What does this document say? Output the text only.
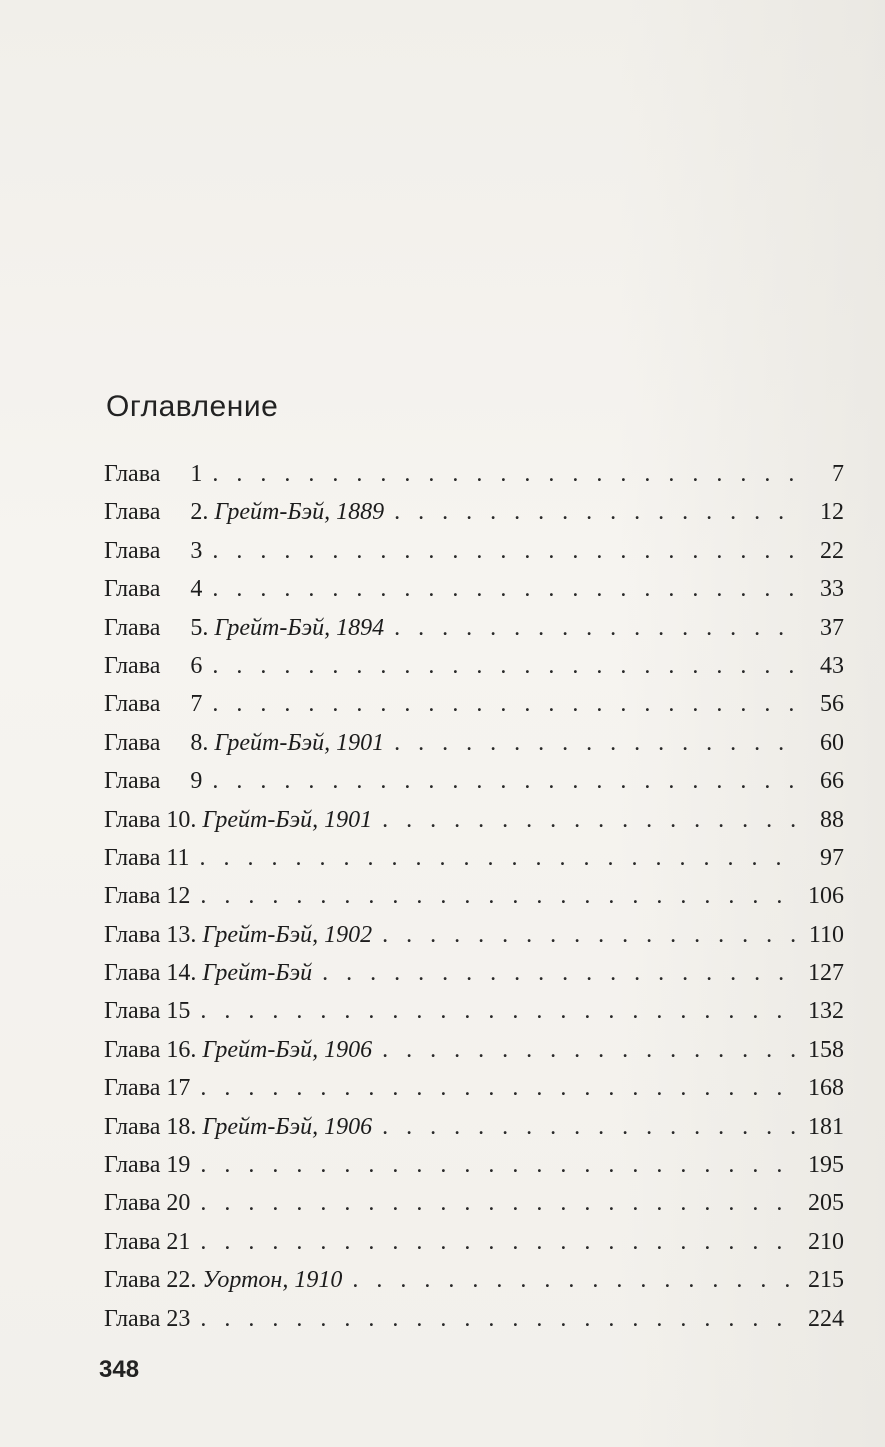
Оглавление
Глава 1 . . .	7
Глава 2. Грейт-Бэй, 1889 . . .	12
Глава 3 . . .	22
Глава 4 . . .	33
Глава 5. Грейт-Бэй, 1894 . . .	37
Глава 6 . . .	43
Глава 7 . . .	56
Глава 8. Грейт-Бэй, 1901 . . .	60
Глава 9 . . .	66
Глава 10. Грейт-Бэй, 1901 . . .	88
Глава 11 . . .	97
Глава 12 . . .	106
Глава 13. Грейт-Бэй, 1902 . . .	110
Глава 14. Грейт-Бэй . . .	127
Глава 15 . . .	132
Глава 16. Грейт-Бэй, 1906 . . .	158
Глава 17 . . .	168
Глава 18. Грейт-Бэй, 1906 . . .	181
Глава 19 . . .	195
Глава 20 . . .	205
Глава 21 . . .	210
Глава 22. Уортон, 1910 . . .	215
Глава 23 . . .	224
348
